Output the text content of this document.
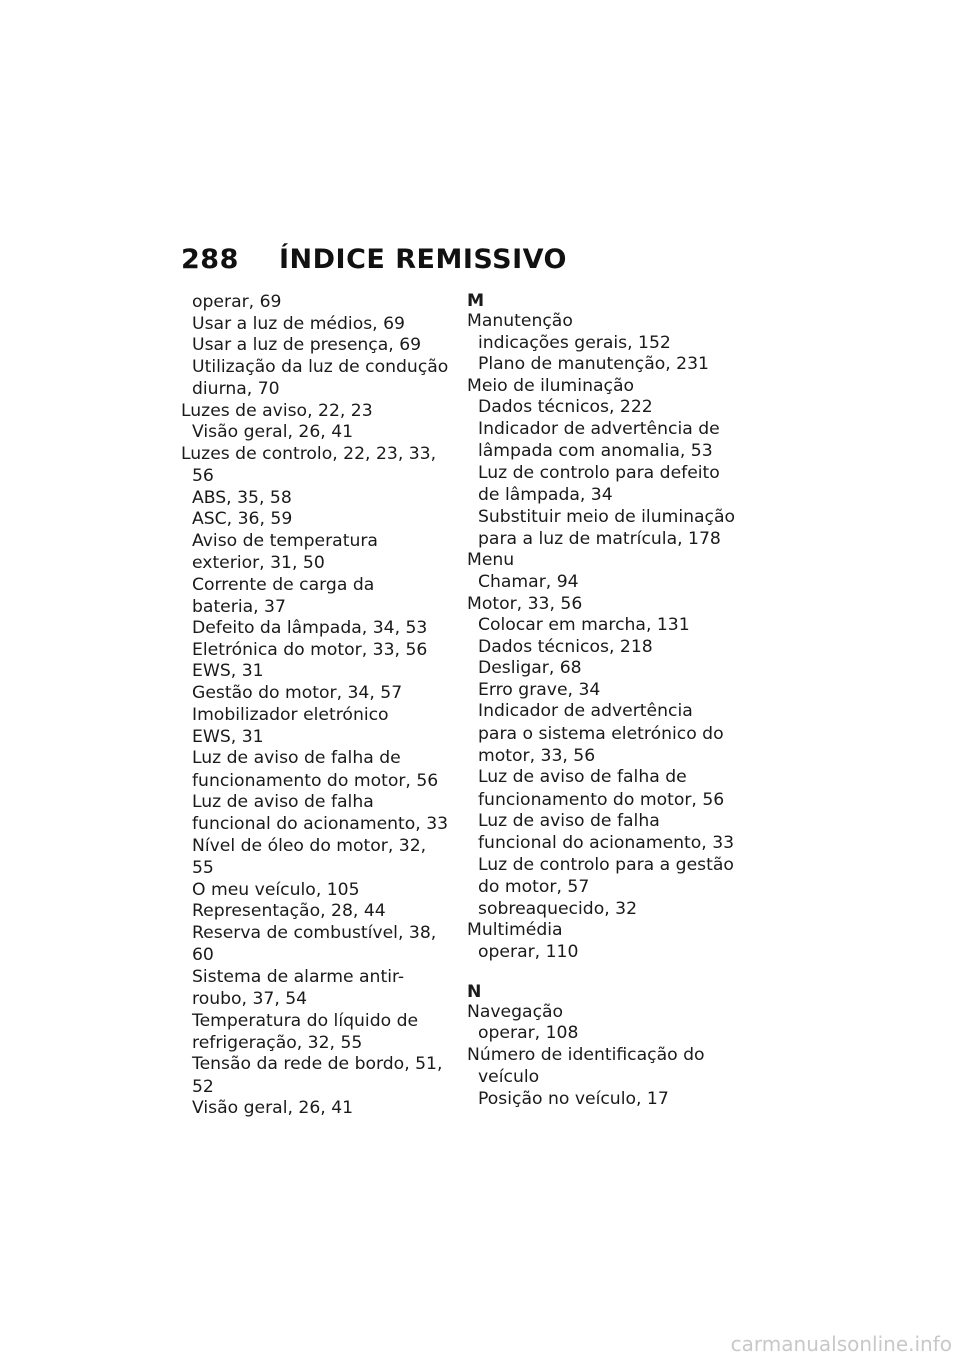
288 ÍNDICE REMISSIVO
operar, 69
Usar a luz de médios, 69
Usar a luz de presença, 69
Utilização da luz de condução
diurna, 70
Luzes de aviso, 22, 23
Visão geral, 26, 41
Luzes de controlo, 22, 23, 33,
56
ABS, 35, 58
ASC, 36, 59
Aviso de temperatura
exterior, 31, 50
Corrente de carga da
bateria, 37
Defeito da lâmpada, 34, 53
Eletrónica do motor, 33, 56
EWS, 31
Gestão do motor, 34, 57
Imobilizador eletrónico
EWS, 31
Luz de aviso de falha de
funcionamento do motor, 56
Luz de aviso de falha
funcional do acionamento, 33
Nível de óleo do motor, 32,
55
O meu veículo, 105
Representação, 28, 44
Reserva de combustível, 38,
60
Sistema de alarme antir-
roubo, 37, 54
Temperatura do líquido de
refrigeração, 32, 55
Tensão da rede de bordo, 51,
52
Visão geral, 26, 41
M
Manutenção
indicações gerais, 152
Plano de manutenção, 231
Meio de iluminação
Dados técnicos, 222
Indicador de advertência de
lâmpada com anomalia, 53
Luz de controlo para defeito
de lâmpada, 34
Substituir meio de iluminação
para a luz de matrícula, 178
Menu
Chamar, 94
Motor, 33, 56
Colocar em marcha, 131
Dados técnicos, 218
Desligar, 68
Erro grave, 34
Indicador de advertência
para o sistema eletrónico do
motor, 33, 56
Luz de aviso de falha de
funcionamento do motor, 56
Luz de aviso de falha
funcional do acionamento, 33
Luz de controlo para a gestão
do motor, 57
sobreaquecido, 32
Multimédia
operar, 110
N
Navegação
operar, 108
Número de identificação do
veículo
Posição no veículo, 17
carmanualsonline.info
